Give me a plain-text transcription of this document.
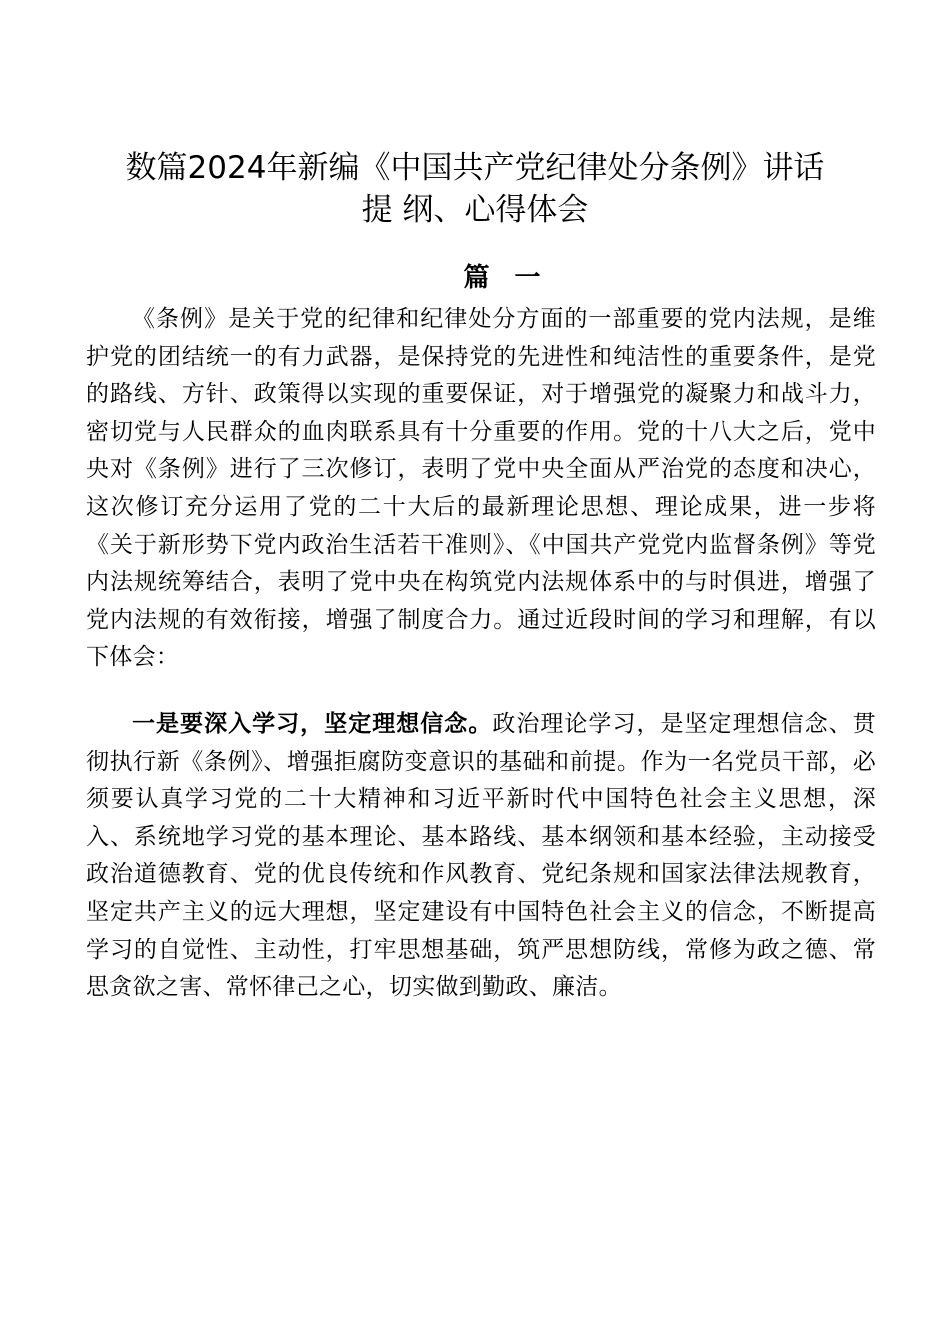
数篇2024年新编《中国共产党纪律处分条例》讲话
提 纲、心得体会
篇 一

《条例》是关于党的纪律和纪律处分方面的一部重要的党内法规，是维护党的团结统一的有力武器，是保持党的先进性和纯洁性的重要条件，是党的路线、方针、政策得以实现的重要保证，对于增强党的凝聚力和战斗力，密切党与人民群众的血肉联系具有十分重要的作用。党的十八大之后，党中央对《条例》进行了三次修订，表明了党中央全面从严治党的态度和决心，这次修订充分运用了党的二十大后的最新理论思想、理论成果，进一步将《关于新形势下党内政治生活若干准则》、《中国共产党党内监督条例》等党内法规统筹结合，表明了党中央在构筑党内法规体系中的与时俱进，增强了党内法规的有效衔接，增强了制度合力。通过近段时间的学习和理解，有以下体会：

一是要深入学习，坚定理想信念。政治理论学习，是坚定理想信念、贯彻执行新《条例》、增强拒腐防变意识的基础和前提。作为一名党员干部，必须要认真学习党的二十大精神和习近平新时代中国特色社会主义思想，深入、系统地学习党的基本理论、基本路线、基本纲领和基本经验，主动接受政治道德教育、党的优良传统和作风教育、党纪条规和国家法律法规教育，坚定共产主义的远大理想，坚定建设有中国特色社会主义的信念，不断提高学习的自觉性、主动性，打牢思想基础，筑严思想防线，常修为政之德、常思贪欲之害、常怀律己之心，切实做到勤政、廉洁。
